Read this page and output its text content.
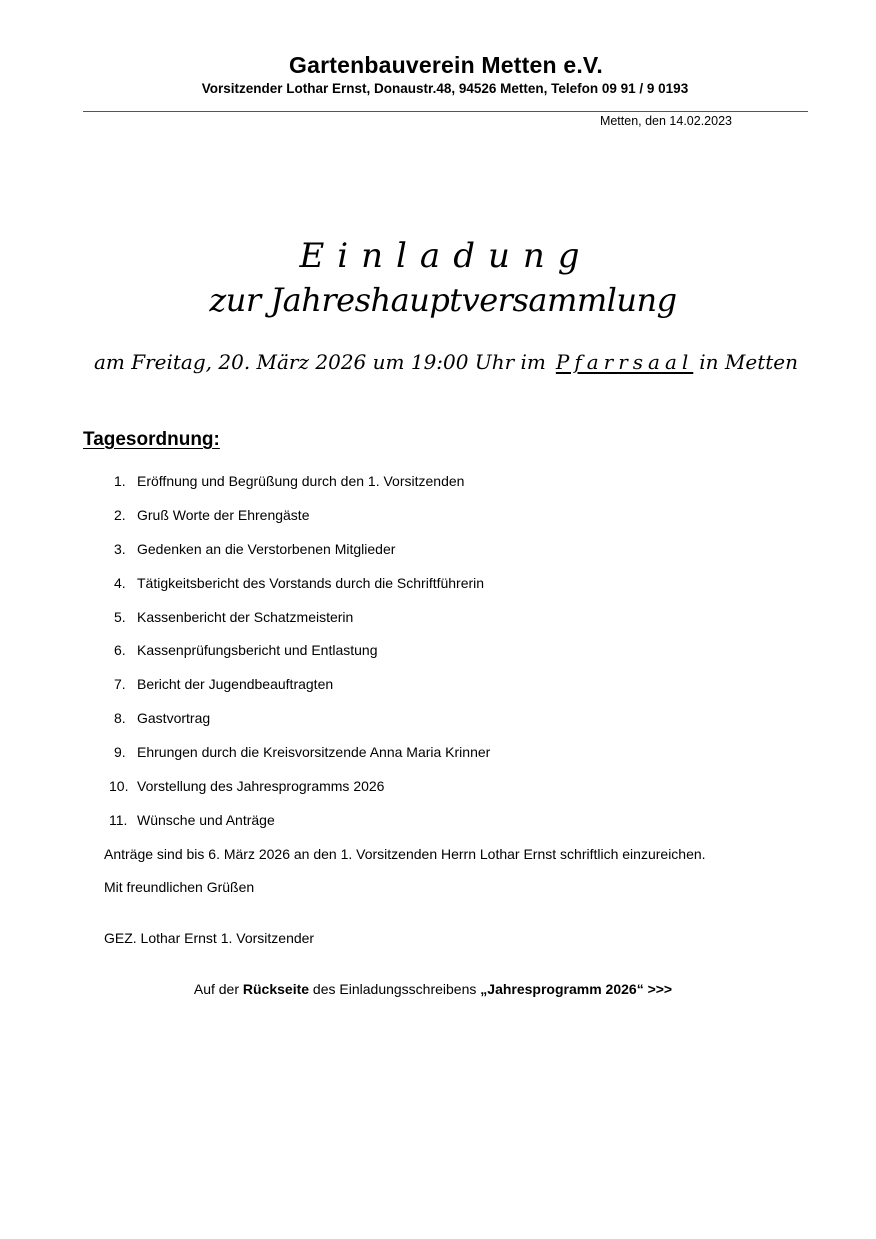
Gartenbauverein Metten e.V.
Vorsitzender Lothar Ernst, Donaustr.48, 94526 Metten, Telefon 09 91 / 9 0193
Metten, den 14.02.2023
Einladung
zur Jahreshauptversammlung
am Freitag, 20. März 2026 um 19:00 Uhr im Pfarrsaal in Metten
Tagesordnung:
1. Eröffnung und Begrüßung durch den 1. Vorsitzenden
2. Gruß Worte der Ehrengäste
3. Gedenken an die Verstorbenen Mitglieder
4. Tätigkeitsbericht des Vorstands durch die Schriftführerin
5. Kassenbericht der Schatzmeisterin
6. Kassenprüfungsbericht und Entlastung
7. Bericht der Jugendbeauftragten
8. Gastvortrag
9. Ehrungen durch die Kreisvorsitzende Anna Maria Krinner
10. Vorstellung des Jahresprogramms 2026
11. Wünsche und Anträge
Anträge sind bis 6. März 2026 an den 1. Vorsitzenden Herrn Lothar Ernst schriftlich einzureichen.
Mit freundlichen Grüßen
GEZ. Lothar Ernst 1. Vorsitzender
Auf der Rückseite des Einladungsschreibens „Jahresprogramm 2026“ >>>
